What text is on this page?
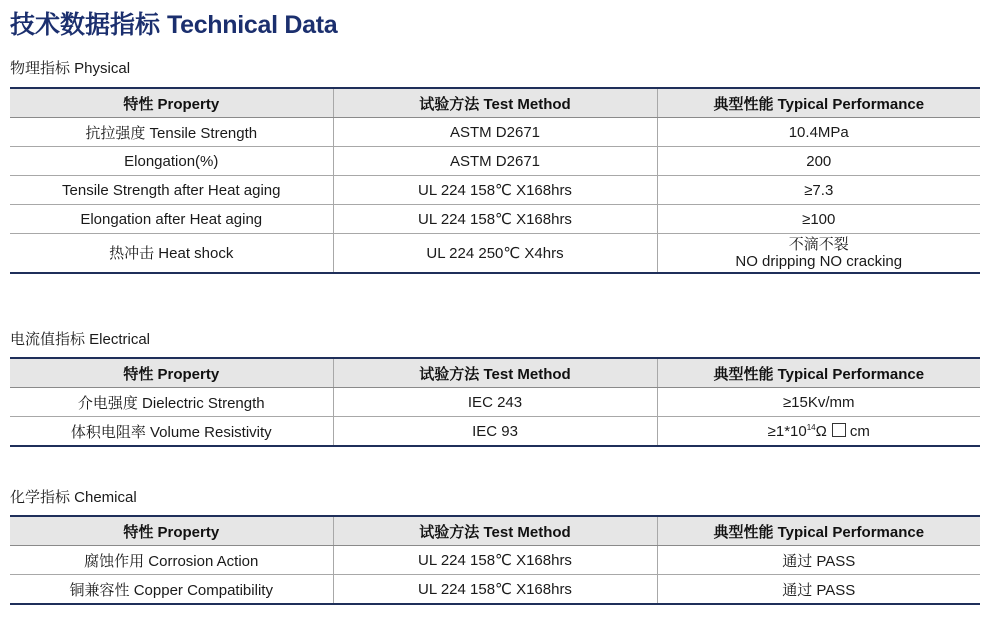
技术数据指标 Technical Data
物理指标 Physical
特性 Property	试验方法 Test Method	典型性能 Typical Performance
抗拉强度 Tensile Strength	ASTM D2671	10.4MPa
Elongation(%)	ASTM D2671	200
Tensile Strength after Heat aging	UL 224 158℃ X168hrs	≥7.3
Elongation after Heat aging	UL 224 158℃ X168hrs	≥100
热冲击 Heat shock	UL 224 250℃ X4hrs	不滴不裂
NO dripping NO cracking
电流值指标 Electrical
特性 Property	试验方法 Test Method	典型性能 Typical Performance
介电强度 Dielectric Strength	IEC 243	≥15Kv/mm
体积电阻率 Volume Resistivity	IEC 93	$\ge 1*10^{14}\Omega$ cm
化学指标 Chemical
特性 Property	试验方法 Test Method	典型性能 Typical Performance
腐蚀作用 Corrosion Action	UL 224 158℃ X168hrs	通过 PASS
铜兼容性 Copper Compatibility	UL 224 158℃ X168hrs	通过 PASS
